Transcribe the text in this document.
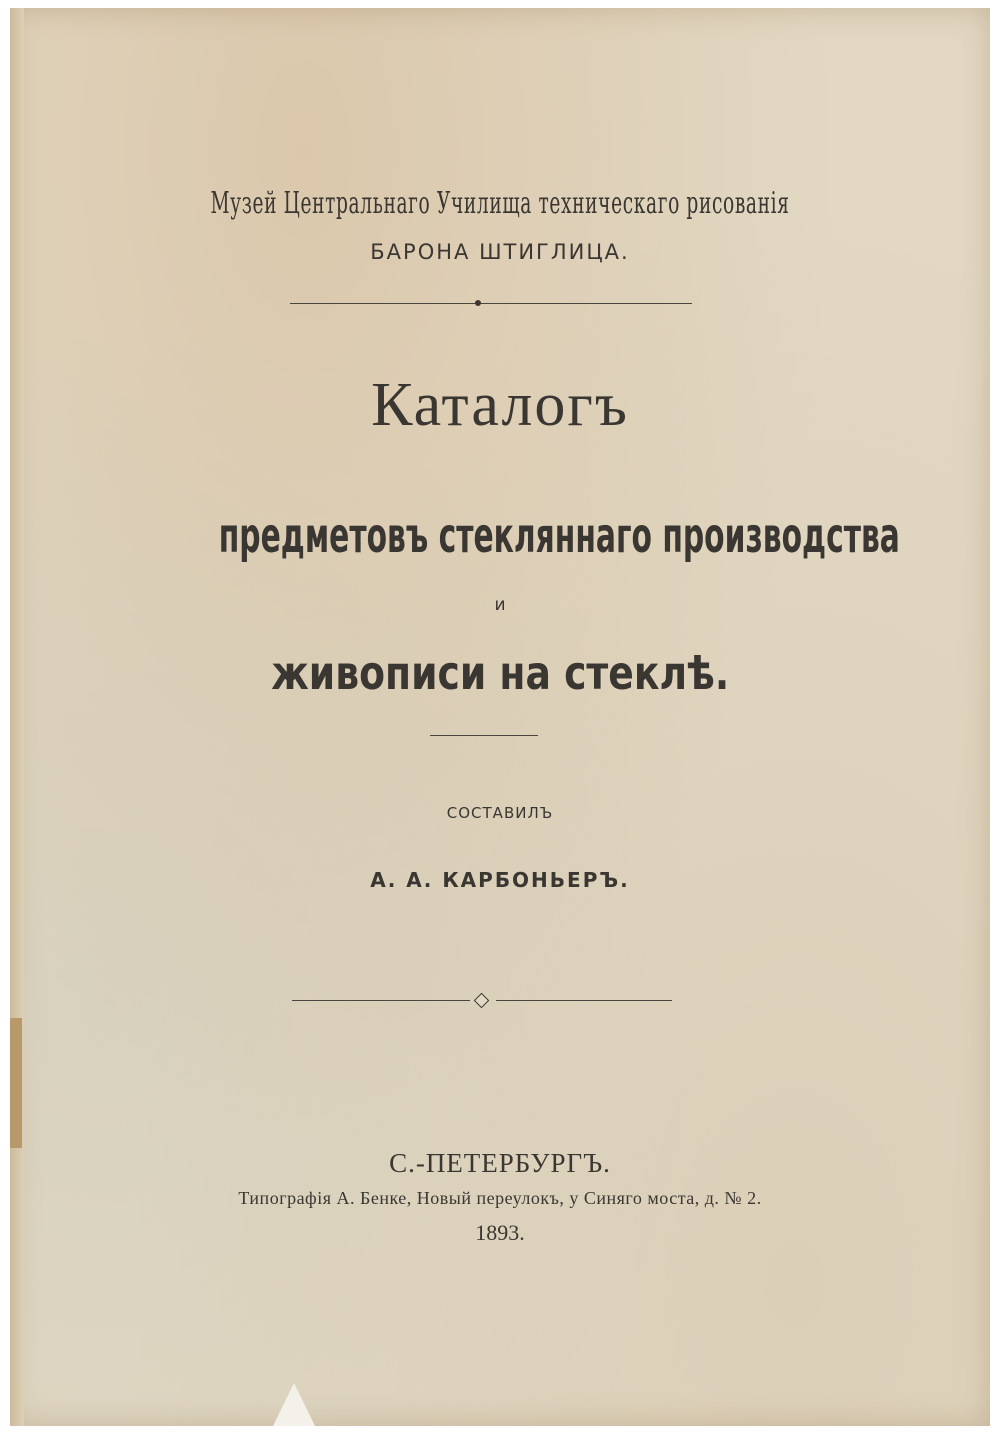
Музей Центральнаго Училища техническаго рисованія
БАРОНА ШТИГЛИЦА.
Каталогъ
предметовъ стекляннаго производства
и
живописи на стеклѣ.
СОСТАВИЛЪ
А. А. КАРБОНЬЕРЪ.
С.-ПЕТЕРБУРГЪ.
Типографія А. Бенке, Новый переулокъ, у Синяго моста, д. № 2.
1893.
